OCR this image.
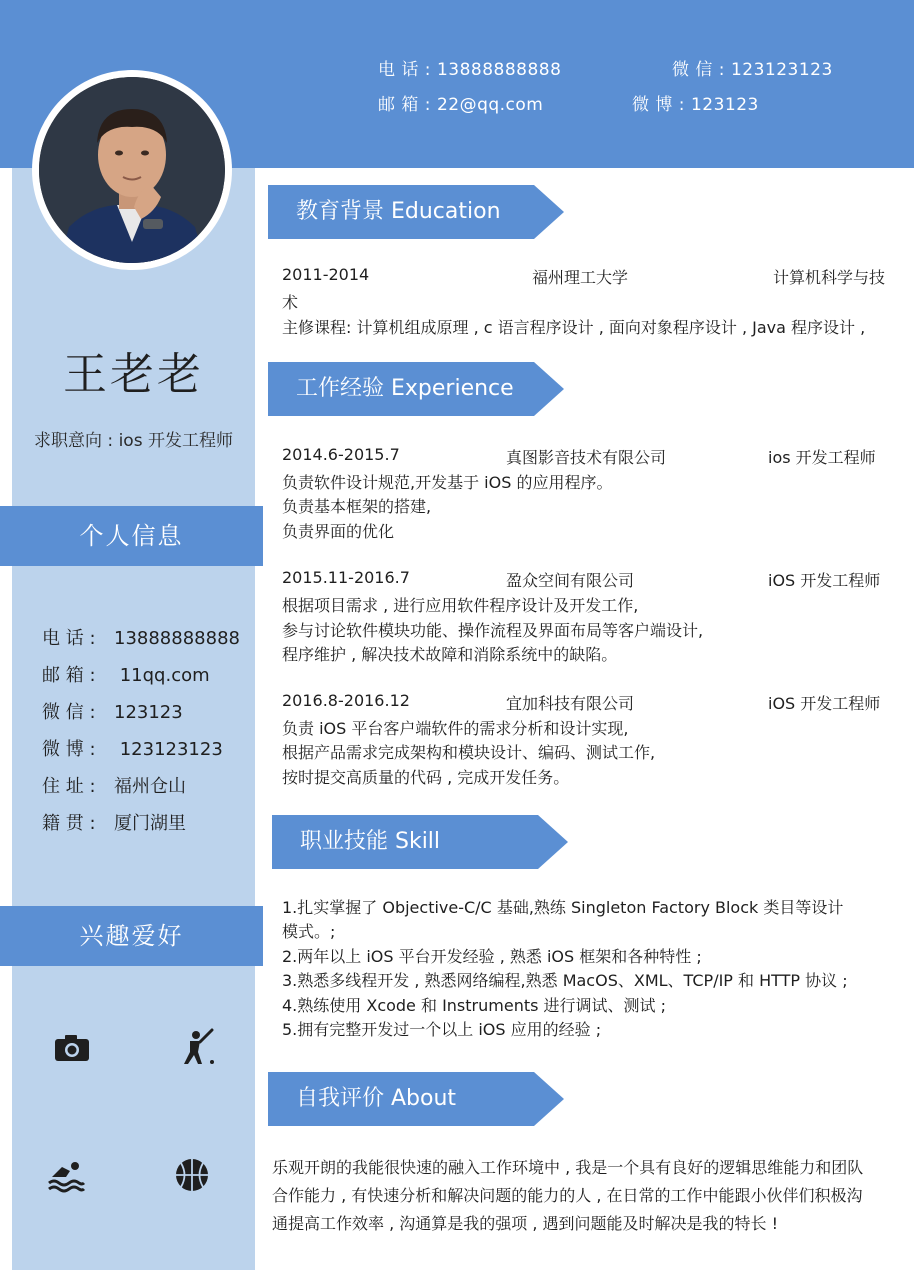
电 话 : 13888888888	微 信 : 123123123
邮 箱 : 22@qq.com	微 博 : 123123
王老老
求职意向 : ios 开发工程师
个人信息
电 话 : 13888888888
邮 箱 : 11qq.com
微 信 : 123123
微 博 : 123123123
住 址 : 福州仓山
籍 贯 : 厦门湖里
兴趣爱好
教育背景 Education
2011-2014	福州理工大学	计算机科学与技
术
主修课程: 计算机组成原理 , c 语言程序设计 , 面向对象程序设计 , Java 程序设计 ,
工作经验 Experience
2014.6-2015.7	真图影音技术有限公司	ios 开发工程师
负责软件设计规范,开发基于 iOS 的应用程序。
负责基本框架的搭建,
负责界面的优化
2015.11-2016.7	盈众空间有限公司	iOS 开发工程师
根据项目需求 , 进行应用软件程序设计及开发工作,
参与讨论软件模块功能、操作流程及界面布局等客户端设计,
程序维护 , 解决技术故障和消除系统中的缺陷。
2016.8-2016.12	宜加科技有限公司	iOS 开发工程师
负责 iOS 平台客户端软件的需求分析和设计实现,
根据产品需求完成架构和模块设计、编码、测试工作,
按时提交高质量的代码 , 完成开发任务。
职业技能 Skill
1.扎实掌握了 Objective-C/C 基础,熟练 Singleton Factory Block 类目等设计
模式。;
2.两年以上 iOS 平台开发经验 , 熟悉 iOS 框架和各种特性 ;
3.熟悉多线程开发 , 熟悉网络编程,熟悉 MacOS、XML、TCP/IP 和 HTTP 协议 ;
4.熟练使用 Xcode 和 Instruments 进行调试、测试 ;
5.拥有完整开发过一个以上 iOS 应用的经验 ;
自我评价 About
乐观开朗的我能很快速的融入工作环境中 , 我是一个具有良好的逻辑思维能力和团队
合作能力 , 有快速分析和解决问题的能力的人 , 在日常的工作中能跟小伙伴们积极沟
通提高工作效率 , 沟通算是我的强项 , 遇到问题能及时解决是我的特长 !
